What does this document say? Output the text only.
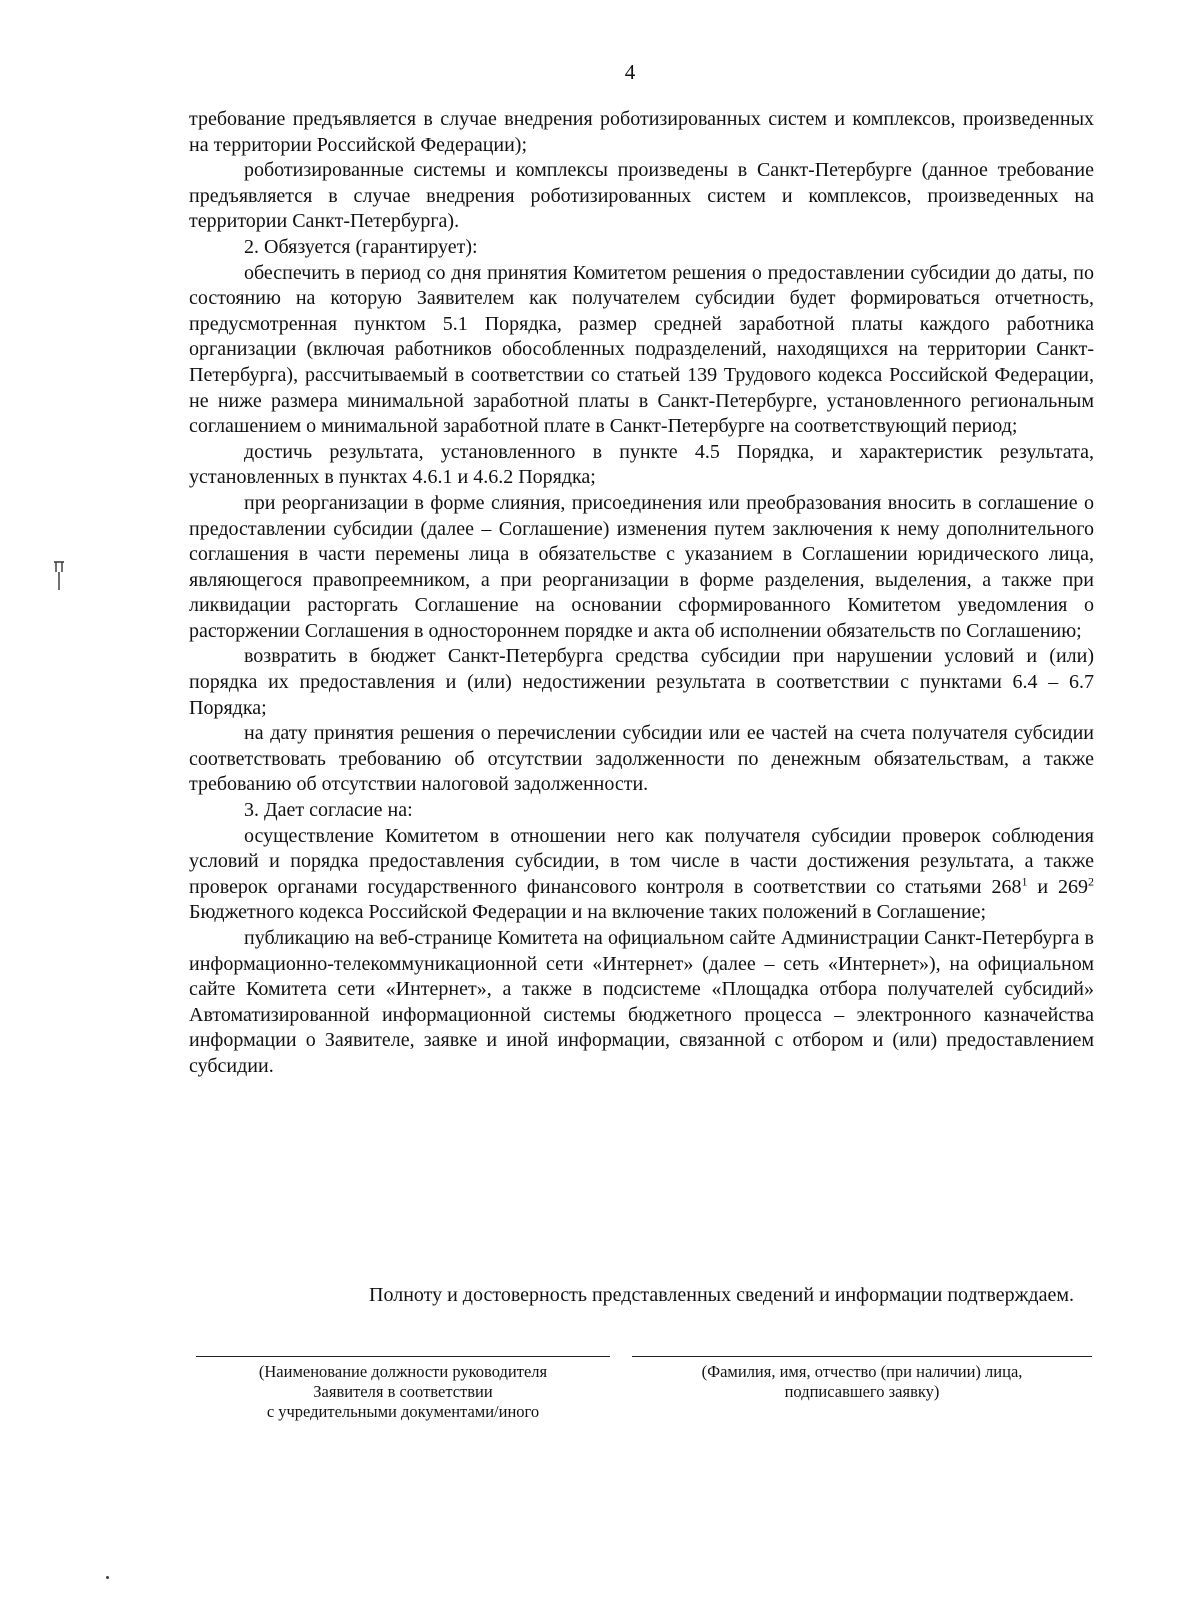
4

требование предъявляется в случае внедрения роботизированных систем и комплексов, произведенных на территории Российской Федерации);

роботизированные системы и комплексы произведены в Санкт-Петербурге (данное требование предъявляется в случае внедрения роботизированных систем и комплексов, произведенных на территории Санкт-Петербурга).

2. Обязуется (гарантирует):

обеспечить в период со дня принятия Комитетом решения о предоставлении субсидии до даты, по состоянию на которую Заявителем как получателем субсидии будет формироваться отчетность, предусмотренная пунктом 5.1 Порядка, размер средней заработной платы каждого работника организации (включая работников обособленных подразделений, находящихся на территории Санкт-Петербурга), рассчитываемый в соответствии со статьей 139 Трудового кодекса Российской Федерации, не ниже размера минимальной заработной платы в Санкт-Петербурге, установленного региональным соглашением о минимальной заработной плате в Санкт-Петербурге на соответствующий период;

достичь результата, установленного в пункте 4.5 Порядка, и характеристик результата, установленных в пунктах 4.6.1 и 4.6.2 Порядка;

при реорганизации в форме слияния, присоединения или преобразования вносить в соглашение о предоставлении субсидии (далее – Соглашение) изменения путем заключения к нему дополнительного соглашения в части перемены лица в обязательстве с указанием в Соглашении юридического лица, являющегося правопреемником, а при реорганизации в форме разделения, выделения, а также при ликвидации расторгать Соглашение на основании сформированного Комитетом уведомления о расторжении Соглашения в одностороннем порядке и акта об исполнении обязательств по Соглашению;

возвратить в бюджет Санкт-Петербурга средства субсидии при нарушении условий и (или) порядка их предоставления и (или) недостижении результата в соответствии с пунктами 6.4 – 6.7 Порядка;

на дату принятия решения о перечислении субсидии или ее частей на счета получателя субсидии соответствовать требованию об отсутствии задолженности по денежным обязательствам, а также требованию об отсутствии налоговой задолженности.

3. Дает согласие на:

осуществление Комитетом в отношении него как получателя субсидии проверок соблюдения условий и порядка предоставления субсидии, в том числе в части достижения результата, а также проверок органами государственного финансового контроля в соответствии со статьями $268^1$ и $269^2$ Бюджетного кодекса Российской Федерации и на включение таких положений в Соглашение;

публикацию на веб-странице Комитета на официальном сайте Администрации Санкт-Петербурга в информационно-телекоммуникационной сети «Интернет» (далее – сеть «Интернет»), на официальном сайте Комитета сети «Интернет», а также в подсистеме «Площадка отбора получателей субсидий» Автоматизированной информационной системы бюджетного процесса – электронного казначейства информации о Заявителе, заявке и иной информации, связанной с отбором и (или) предоставлением субсидии.

Полноту и достоверность представленных сведений и информации подтверждаем.
(Наименование должности руководителя
Заявителя в соответствии
с учредительными документами/иного
(Фамилия, имя, отчество (при наличии) лица,
подписавшего заявку)
